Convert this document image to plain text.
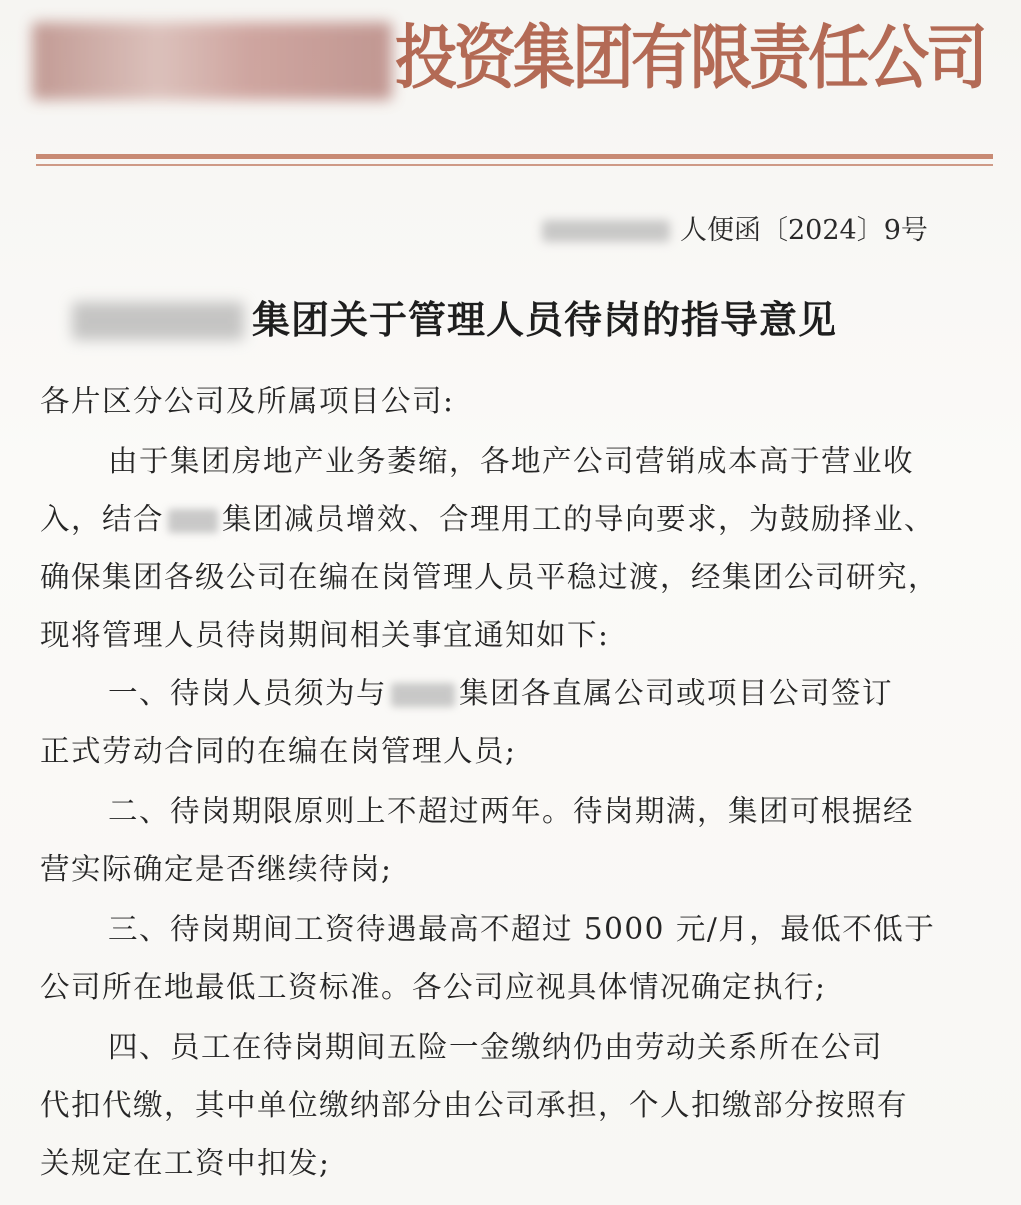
投资集团有限责任公司
人便函〔2024〕9号
集团关于管理人员待岗的指导意见
各片区分公司及所属项目公司:
由于集团房地产业务萎缩，各地产公司营销成本高于营业收
入，结合 集团减员增效、合理用工的导向要求，为鼓励择业、
确保集团各级公司在编在岗管理人员平稳过渡，经集团公司研究，
现将管理人员待岗期间相关事宜通知如下:
一、待岗人员须为与 集团各直属公司或项目公司签订
正式劳动合同的在编在岗管理人员;
二、待岗期限原则上不超过两年。待岗期满，集团可根据经
营实际确定是否继续待岗;
三、待岗期间工资待遇最高不超过 5000 元/月，最低不低于
公司所在地最低工资标准。各公司应视具体情况确定执行;
四、员工在待岗期间五险一金缴纳仍由劳动关系所在公司
代扣代缴，其中单位缴纳部分由公司承担，个人扣缴部分按照有
关规定在工资中扣发;
